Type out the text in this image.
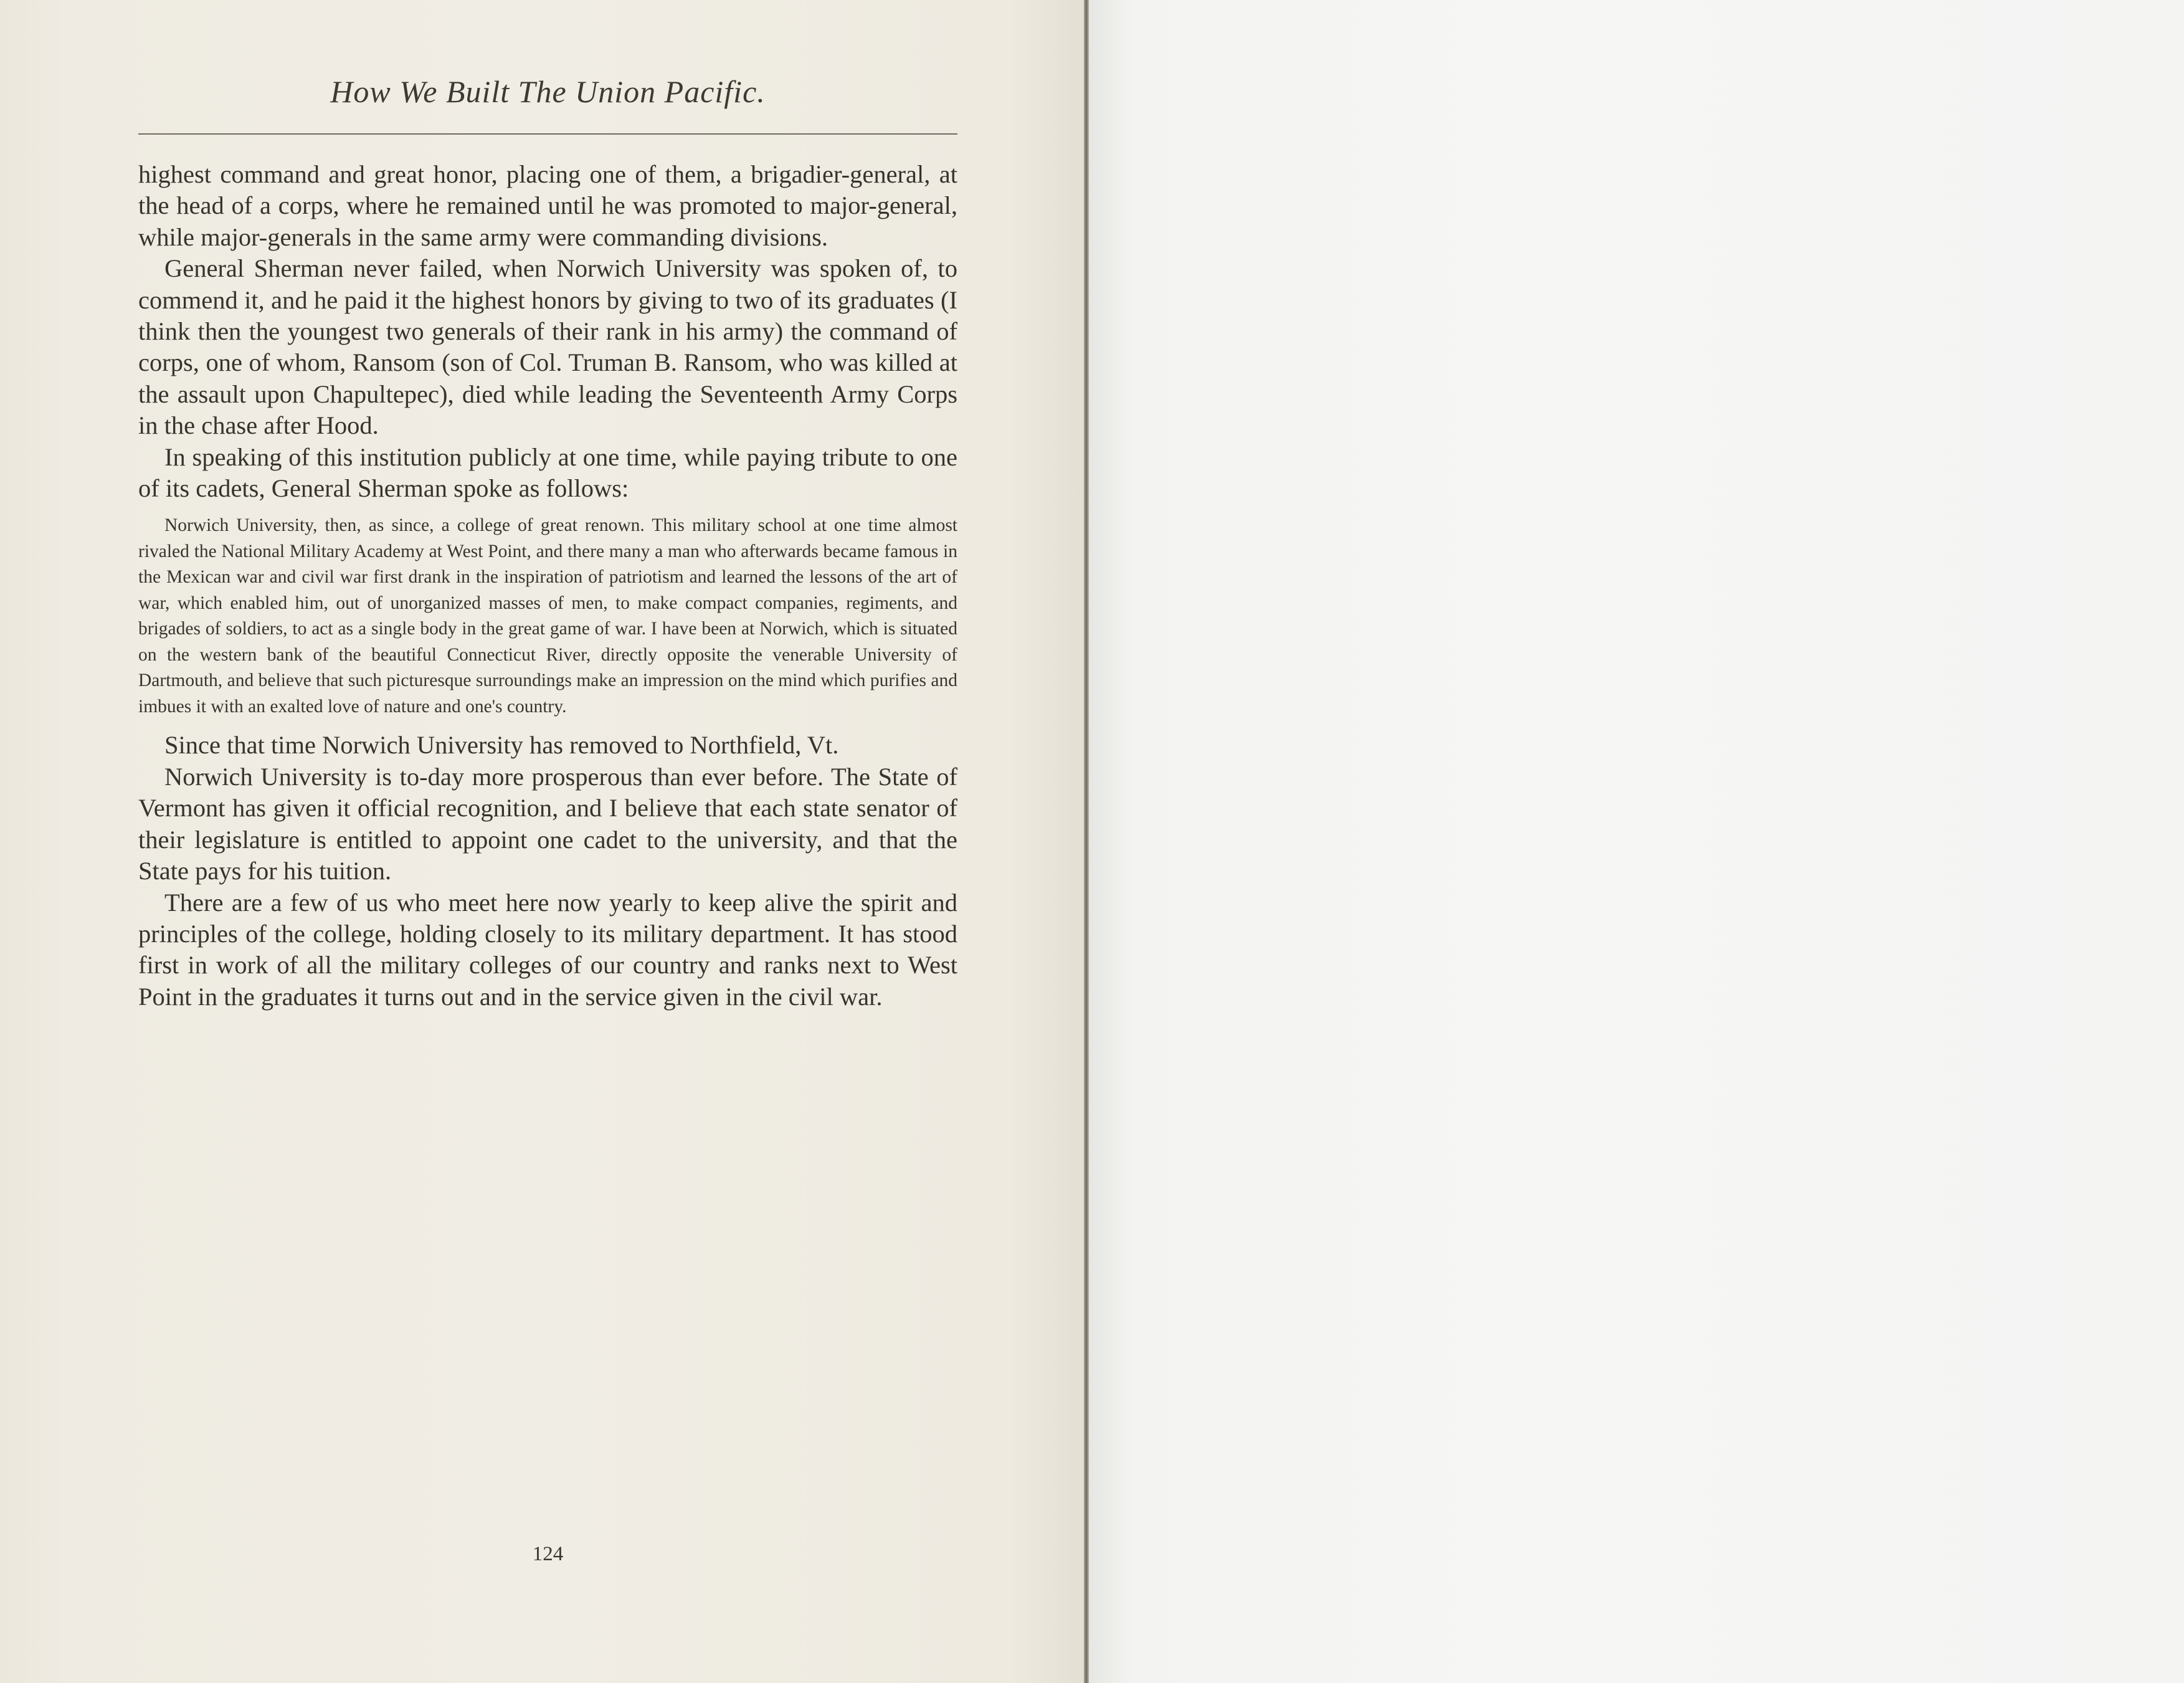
How We Built The Union Pacific.

highest command and great honor, placing one of them, a brigadier-general, at the head of a corps, where he remained until he was promoted to major-general, while major-generals in the same army were commanding divisions.

General Sherman never failed, when Norwich University was spoken of, to commend it, and he paid it the highest honors by giving to two of its graduates (I think then the youngest two generals of their rank in his army) the command of corps, one of whom, Ransom (son of Col. Truman B. Ransom, who was killed at the assault upon Chapultepec), died while leading the Seventeenth Army Corps in the chase after Hood.

In speaking of this institution publicly at one time, while paying tribute to one of its cadets, General Sherman spoke as follows:

Norwich University, then, as since, a college of great renown. This military school at one time almost rivaled the National Military Academy at West Point, and there many a man who afterwards became famous in the Mexican war and civil war first drank in the inspiration of patriotism and learned the lessons of the art of war, which enabled him, out of unorganized masses of men, to make compact companies, regiments, and brigades of soldiers, to act as a single body in the great game of war. I have been at Norwich, which is situated on the western bank of the beautiful Connecticut River, directly opposite the venerable University of Dartmouth, and believe that such picturesque surroundings make an impression on the mind which purifies and imbues it with an exalted love of nature and one's country.

Since that time Norwich University has removed to Northfield, Vt.

Norwich University is to-day more prosperous than ever before. The State of Vermont has given it official recognition, and I believe that each state senator of their legislature is entitled to appoint one cadet to the university, and that the State pays for his tuition.

There are a few of us who meet here now yearly to keep alive the spirit and principles of the college, holding closely to its military department. It has stood first in work of all the military colleges of our country and ranks next to West Point in the graduates it turns out and in the service given in the civil war.

124
